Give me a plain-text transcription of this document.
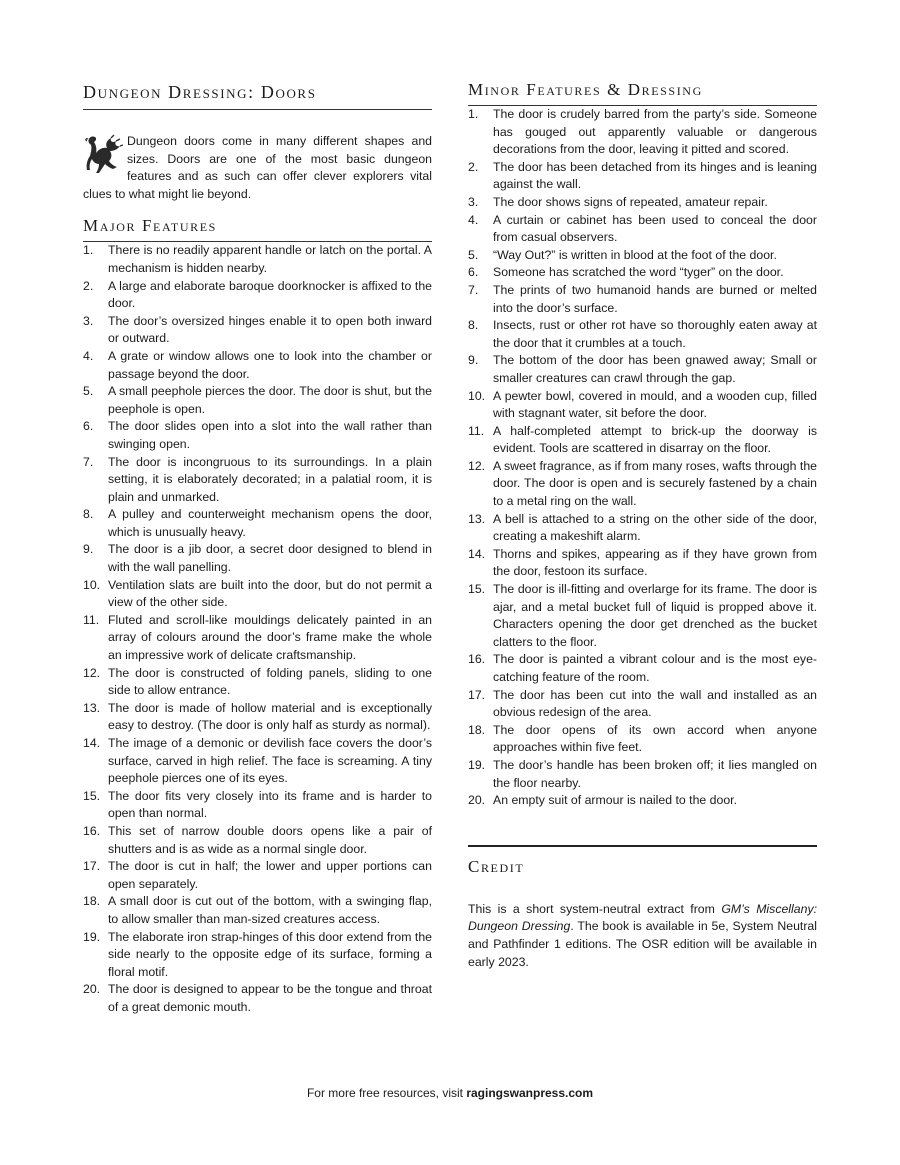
Dungeon Dressing: Doors

Dungeon doors come in many different shapes and sizes. Doors are one of the most basic dungeon features and as such can offer clever explorers vital clues to what might lie beyond.

Major Features
1. There is no readily apparent handle or latch on the portal. A mechanism is hidden nearby.
2. A large and elaborate baroque doorknocker is affixed to the door.
3. The door’s oversized hinges enable it to open both inward or outward.
4. A grate or window allows one to look into the chamber or passage beyond the door.
5. A small peephole pierces the door. The door is shut, but the peephole is open.
6. The door slides open into a slot into the wall rather than swinging open.
7. The door is incongruous to its surroundings. In a plain setting, it is elaborately decorated; in a palatial room, it is plain and unmarked.
8. A pulley and counterweight mechanism opens the door, which is unusually heavy.
9. The door is a jib door, a secret door designed to blend in with the wall panelling.
10. Ventilation slats are built into the door, but do not permit a view of the other side.
11. Fluted and scroll-like mouldings delicately painted in an array of colours around the door’s frame make the whole an impressive work of delicate craftsmanship.
12. The door is constructed of folding panels, sliding to one side to allow entrance.
13. The door is made of hollow material and is exceptionally easy to destroy. (The door is only half as sturdy as normal).
14. The image of a demonic or devilish face covers the door’s surface, carved in high relief. The face is screaming. A tiny peephole pierces one of its eyes.
15. The door fits very closely into its frame and is harder to open than normal.
16. This set of narrow double doors opens like a pair of shutters and is as wide as a normal single door.
17. The door is cut in half; the lower and upper portions can open separately.
18. A small door is cut out of the bottom, with a swinging flap, to allow smaller than man-sized creatures access.
19. The elaborate iron strap-hinges of this door extend from the side nearly to the opposite edge of its surface, forming a floral motif.
20. The door is designed to appear to be the tongue and throat of a great demonic mouth.
Minor Features & Dressing
1. The door is crudely barred from the party’s side. Someone has gouged out apparently valuable or dangerous decorations from the door, leaving it pitted and scored.
2. The door has been detached from its hinges and is leaning against the wall.
3. The door shows signs of repeated, amateur repair.
4. A curtain or cabinet has been used to conceal the door from casual observers.
5. “Way Out?” is written in blood at the foot of the door.
6. Someone has scratched the word “tyger” on the door.
7. The prints of two humanoid hands are burned or melted into the door’s surface.
8. Insects, rust or other rot have so thoroughly eaten away at the door that it crumbles at a touch.
9. The bottom of the door has been gnawed away; Small or smaller creatures can crawl through the gap.
10. A pewter bowl, covered in mould, and a wooden cup, filled with stagnant water, sit before the door.
11. A half-completed attempt to brick-up the doorway is evident. Tools are scattered in disarray on the floor.
12. A sweet fragrance, as if from many roses, wafts through the door. The door is open and is securely fastened by a chain to a metal ring on the wall.
13. A bell is attached to a string on the other side of the door, creating a makeshift alarm.
14. Thorns and spikes, appearing as if they have grown from the door, festoon its surface.
15. The door is ill-fitting and overlarge for its frame. The door is ajar, and a metal bucket full of liquid is propped above it. Characters opening the door get drenched as the bucket clatters to the floor.
16. The door is painted a vibrant colour and is the most eye-catching feature of the room.
17. The door has been cut into the wall and installed as an obvious redesign of the area.
18. The door opens of its own accord when anyone approaches within five feet.
19. The door’s handle has been broken off; it lies mangled on the floor nearby.
20. An empty suit of armour is nailed to the door.
Credit

This is a short system-neutral extract from GM’s Miscellany: Dungeon Dressing. The book is available in 5e, System Neutral and Pathfinder 1 editions. The OSR edition will be available in early 2023.

For more free resources, visit ragingswanpress.com
